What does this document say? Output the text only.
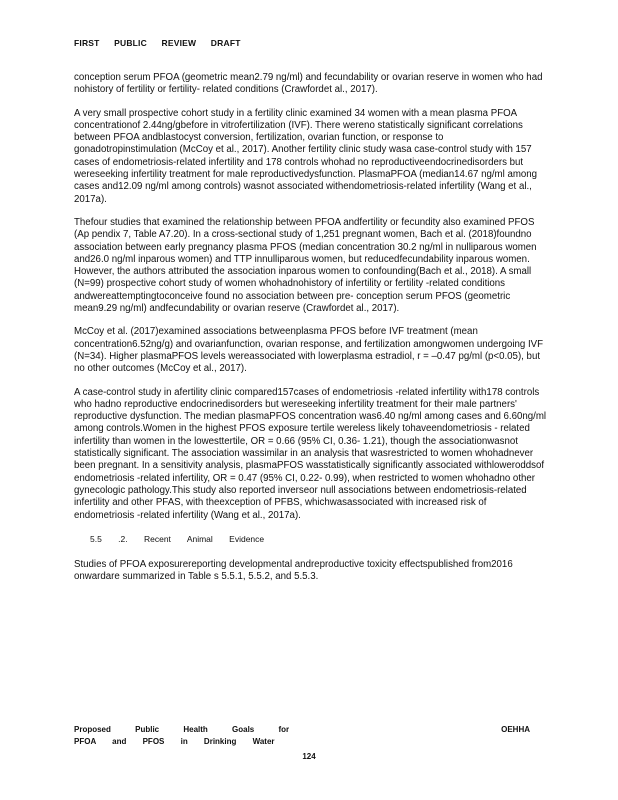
FIRST PUBLIC REVIEW DRAFT

conception serum PFOA (geometric mean2.79 ng/ml) and fecundability or ovarian reserve in women who had nohistory of fertility or fertility- related conditions (Crawfordet al., 2017).

A very small prospective cohort study in a fertility clinic examined 34 women with a mean plasma PFOA concentrationof 2.44ng/gbefore in vitrofertilization (IVF). There wereno statistically significant correlations between PFOA andblastocyst conversion, fertilization, ovarian function, or response to gonadotropinstimulation (McCoy et al., 2017). Another fertility clinic study wasa case-control study with 157 cases of endometriosis-related infertility and 178 controls whohad no reproductiveendocrinedisorders but wereseeking infertility treatment for male reproductivedysfunction. PlasmaPFOA (median14.67 ng/ml among cases and12.09 ng/ml among controls) wasnot associated withendometriosis-related infertility (Wang et al., 2017a).

Thefour studies that examined the relationship between PFOA andfertility or fecundity also examined PFOS (Ap pendix 7, Table A7.20). In a cross-sectional study of 1,251 pregnant women, Bach et al. (2018)foundno association between early pregnancy plasma PFOS (median concentration 30.2 ng/ml in nulliparous women and26.0 ng/ml inparous women) and TTP innulliparous women, but reducedfecundability inparous women. However, the authors attributed the association inparous women to confounding(Bach et al., 2018). A small (N=99) prospective cohort study of women whohadnohistory of infertility or fertility -related conditions andwereattemptingtoconceive found no association between pre- conception serum PFOS (geometric mean9.29 ng/ml) andfecundability or ovarian reserve (Crawfordet al., 2017).

McCoy et al. (2017)examined associations betweenplasma PFOS before IVF treatment (mean concentration6.52ng/g) and ovarianfunction, ovarian response, and fertilization amongwomen undergoing IVF (N=34). Higher plasmaPFOS levels wereassociated with lowerplasma estradiol, r = –0.47 pg/ml (p<0.05), but no other outcomes (McCoy et al., 2017).

A case-control study in afertility clinic compared157cases of endometriosis -related infertility with178 controls who hadno reproductive endocrinedisorders but wereseeking infertility treatment for their male partners' reproductive dysfunction. The median plasmaPFOS concentration was6.40 ng/ml among cases and 6.60ng/ml among controls.Women in the highest PFOS exposure tertile wereless likely tohaveendometriosis - related infertility than women in the lowesttertile, OR = 0.66 (95% CI, 0.36- 1.21), though the associationwasnot statistically significant. The association wassimilar in an analysis that wasrestricted to women whohadnever been pregnant. In a sensitivity analysis, plasmaPFOS wasstatistically significantly associated withloweroddsof endometriosis -related infertility, OR = 0.47 (95% CI, 0.22- 0.99), when restricted to women whohadno other gynecologic pathology.This study also reported inverseor null associations between endometriosis-related infertility and other PFAS, with theexception of PFBS, whichwasassociated with increased risk of endometriosis -related infertility (Wang et al., 2017a).

5.5 .2. Recent Animal Evidence

Studies of PFOA exposurereporting developmental andreproductive toxicity effectspublished from2016 onwardare summarized in Table s 5.5.1, 5.5.2, and 5.5.3.

Proposed Public Health Goals for
PFOA and PFOS in Drinking Water
OEHHA
124
